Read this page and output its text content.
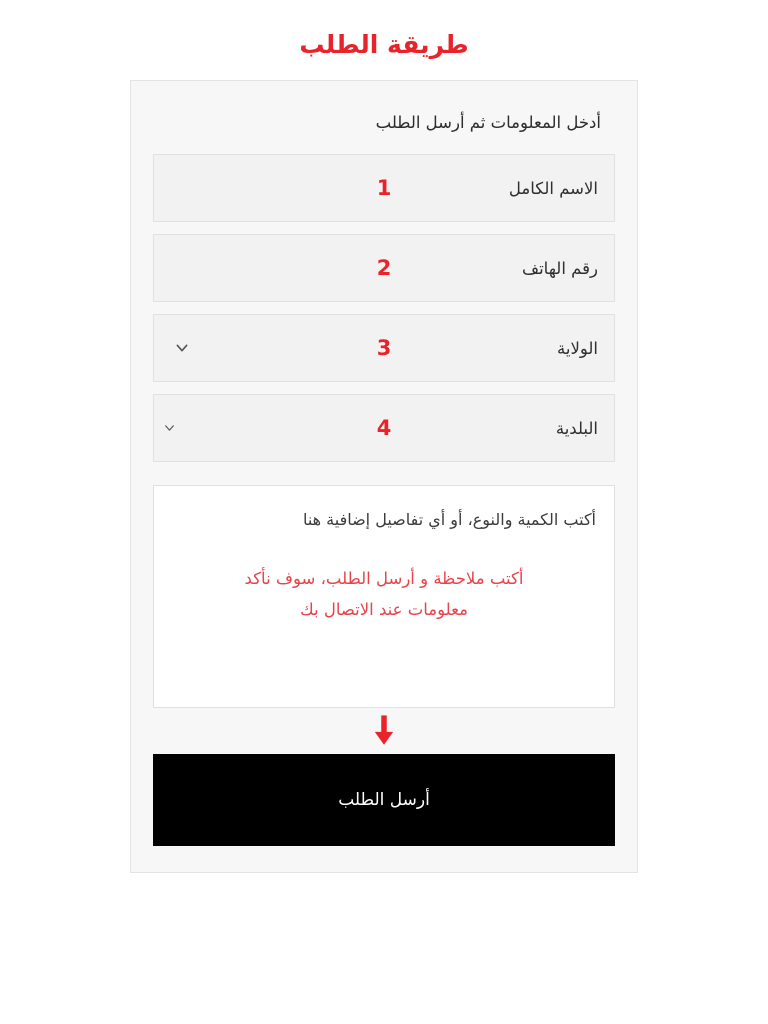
طريقة الطلب
أدخل المعلومات ثم أرسل الطلب
الاسم الكامل
1
رقم الهاتف
2
الولاية
3
البلدية
4
أكتب الكمية والنوع، أو أي تفاصيل إضافية هنا
أكتب ملاحظة و أرسل الطلب، سوف نأكد
معلومات عند الاتصال بك
أرسل الطلب
